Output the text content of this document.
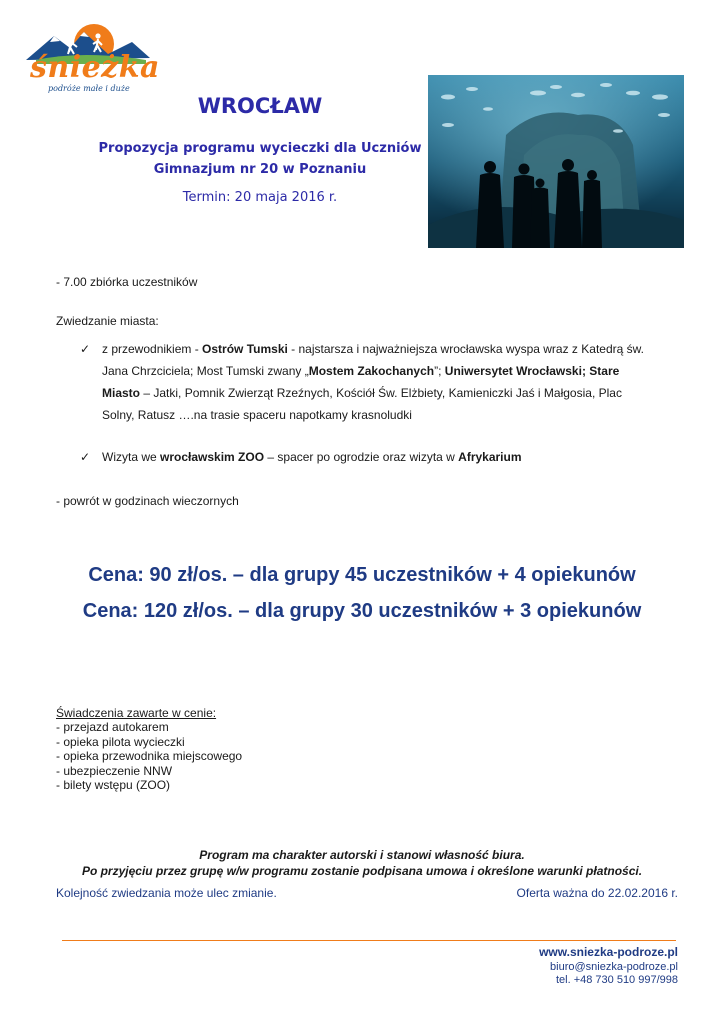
śnieżka
podróże małe i duże
WROCŁAW
Propozycja programu wycieczki dla Uczniów
Gimnazjum nr 20 w Poznaniu
Termin: 20 maja 2016 r.
- 7.00 zbiórka uczestników
Zwiedzanie miasta:
✓ z przewodnikiem - Ostrów Tumski - najstarsza i najważniejsza wrocławska wyspa wraz z Katedrą św.
Jana Chrzciciela; Most Tumski zwany „Mostem Zakochanych”; Uniwersytet Wrocławski; Stare
Miasto – Jatki, Pomnik Zwierząt Rzeźnych, Kościół Św. Elżbiety, Kamieniczki Jaś i Małgosia, Plac
Solny, Ratusz ….na trasie spaceru napotkamy krasnoludki
✓ Wizyta we wrocławskim ZOO – spacer po ogrodzie oraz wizyta w Afrykarium
- powrót w godzinach wieczornych
Cena: 90 zł/os. – dla grupy 45 uczestników + 4 opiekunów
Cena: 120 zł/os. – dla grupy 30 uczestników + 3 opiekunów
Świadczenia zawarte w cenie:
- przejazd autokarem
- opieka pilota wycieczki
- opieka przewodnika miejscowego
- ubezpieczenie NNW
- bilety wstępu (ZOO)
Program ma charakter autorski i stanowi własność biura.
Po przyjęciu przez grupę w/w programu zostanie podpisana umowa i określone warunki płatności.
Kolejność zwiedzania może ulec zmianie.	Oferta ważna do 22.02.2016 r.
www.sniezka-podroze.pl
biuro@sniezka-podroze.pl
tel. +48 730 510 997/998
